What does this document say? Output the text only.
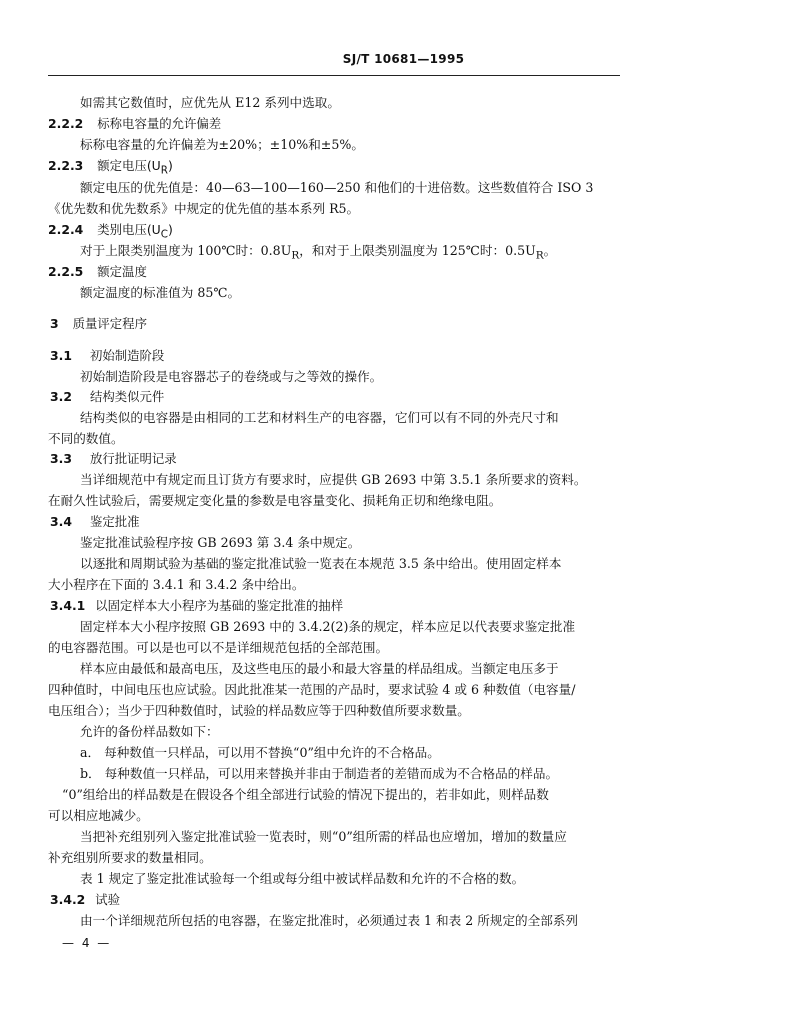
SJ/T 10681—1995
如需其它数值时，应优先从 E12 系列中选取。
2.2.2 标称电容量的允许偏差
标称电容量的允许偏差为±20%；±10%和±5%。
2.2.3 额定电压$(U_R)$
额定电压的优先值是：40—63—100—160—250 和他们的十进倍数。这些数值符合 ISO 3
《优先数和优先数系》中规定的优先值的基本系列 R5。
2.2.4 类别电压$(U_C)$
对于上限类别温度为 100℃时：$0.8U_R$，和对于上限类别温度为 125℃时：$0.5U_R$。
2.2.5 额定温度
额定温度的标准值为 85℃。
3 质量评定程序
3.1 初始制造阶段
初始制造阶段是电容器芯子的卷绕或与之等效的操作。
3.2 结构类似元件
结构类似的电容器是由相同的工艺和材料生产的电容器，它们可以有不同的外壳尺寸和
不同的数值。
3.3 放行批证明记录
当详细规范中有规定而且订货方有要求时，应提供 GB 2693 中第 3.5.1 条所要求的资料。
在耐久性试验后，需要规定变化量的参数是电容量变化、损耗角正切和绝缘电阻。
3.4 鉴定批准
鉴定批准试验程序按 GB 2693 第 3.4 条中规定。
以逐批和周期试验为基础的鉴定批准试验一览表在本规范 3.5 条中给出。使用固定样本
大小程序在下面的 3.4.1 和 3.4.2 条中给出。
3.4.1 以固定样本大小程序为基础的鉴定批准的抽样
固定样本大小程序按照 GB 2693 中的 3.4.2(2)条的规定，样本应足以代表要求鉴定批准
的电容器范围。可以是也可以不是详细规范包括的全部范围。
样本应由最低和最高电压，及这些电压的最小和最大容量的样品组成。当额定电压多于
四种值时，中间电压也应试验。因此批准某一范围的产品时，要求试验 4 或 6 种数值（电容量/
电压组合）；当少于四种数值时，试验的样品数应等于四种数值所要求数量。
允许的备份样品数如下：
a． 每种数值一只样品，可以用不替换“0”组中允许的不合格品。
b． 每种数值一只样品，可以用来替换并非由于制造者的差错而成为不合格品的样品。
“0”组给出的样品数是在假设各个组全部进行试验的情况下提出的，若非如此，则样品数
可以相应地减少。
当把补充组别列入鉴定批准试验一览表时，则“0”组所需的样品也应增加，增加的数量应
补充组别所要求的数量相同。
表 1 规定了鉴定批准试验每一个组或每分组中被试样品数和允许的不合格的数。
3.4.2 试验
由一个详细规范所包括的电容器，在鉴定批准时，必须通过表 1 和表 2 所规定的全部系列
— 4 —
